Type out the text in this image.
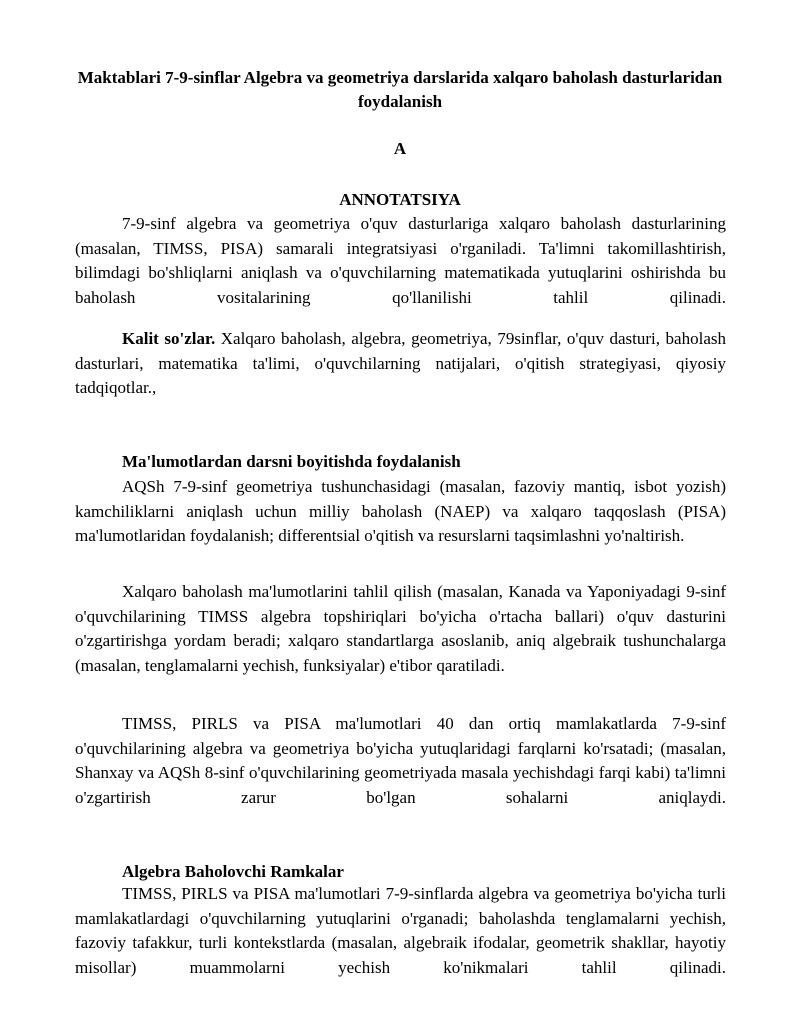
Maktablari 7-9-sinflar Algebra va geometriya darslarida xalqaro baholash dasturlaridan foydalanish
A
ANNOTATSIYA
7-9-sinf algebra va geometriya o'quv dasturlariga xalqaro baholash dasturlarining (masalan, TIMSS, PISA) samarali integratsiyasi o'rganiladi. Ta'limni takomillashtirish, bilimdagi bo'shliqlarni aniqlash va o'quvchilarning matematikada yutuqlarini oshirishda bu baholash vositalarining qo'llanilishi tahlil qilinadi.
Kalit so'zlar. Xalqaro baholash, algebra, geometriya, 79sinflar, o'quv dasturi, baholash dasturlari, matematika ta'limi, o'quvchilarning natijalari, o'qitish strategiyasi, qiyosiy tadqiqotlar.,
Ma'lumotlardan darsni boyitishda foydalanish
AQSh 7-9-sinf geometriya tushunchasidagi (masalan, fazoviy mantiq, isbot yozish) kamchiliklarni aniqlash uchun milliy baholash (NAEP) va xalqaro taqqoslash (PISA) ma'lumotlaridan foydalanish; differentsial o'qitish va resurslarni taqsimlashni yo'naltirish.
Xalqaro baholash ma'lumotlarini tahlil qilish (masalan, Kanada va Yaponiyadagi 9-sinf o'quvchilarining TIMSS algebra topshiriqlari bo'yicha o'rtacha ballari) o'quv dasturini o'zgartirishga yordam beradi; xalqaro standartlarga asoslanib, aniq algebraik tushunchalarga (masalan, tenglamalarni yechish, funksiyalar) e'tibor qaratiladi.
TIMSS, PIRLS va PISA ma'lumotlari 40 dan ortiq mamlakatlarda 7-9-sinf o'quvchilarining algebra va geometriya bo'yicha yutuqlaridagi farqlarni ko'rsatadi; (masalan, Shanxay va AQSh 8-sinf o'quvchilarining geometriyada masala yechishdagi farqi kabi) ta'limni o'zgartirish zarur bo'lgan sohalarni aniqlaydi.
Algebra Baholovchi Ramkalar
TIMSS, PIRLS va PISA ma'lumotlari 7-9-sinflarda algebra va geometriya bo'yicha turli mamlakatlardagi o'quvchilarning yutuqlarini o'rganadi; baholashda tenglamalarni yechish, fazoviy tafakkur, turli kontekstlarda (masalan, algebraik ifodalar, geometrik shakllar, hayotiy misollar) muammolarni yechish ko'nikmalari tahlil qilinadi.
